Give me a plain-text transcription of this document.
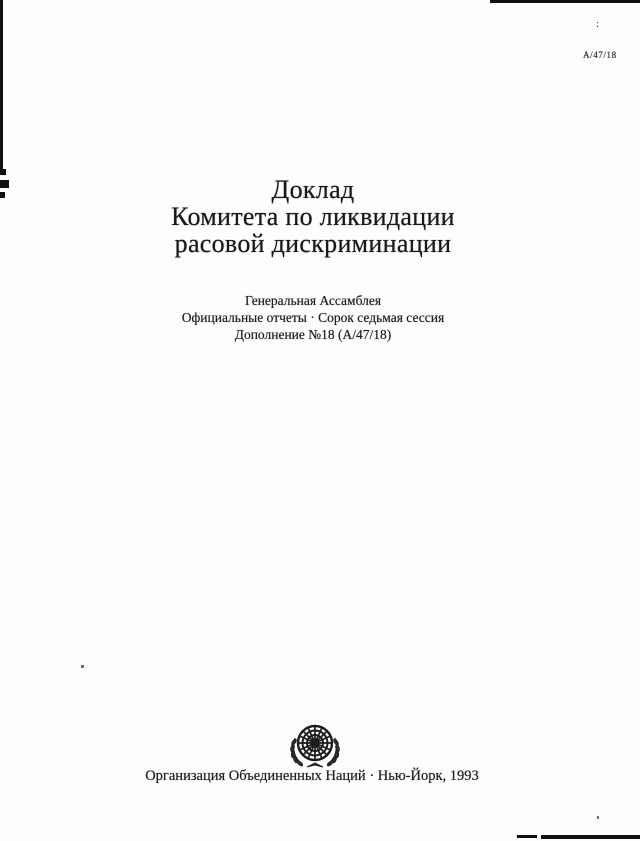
:
A/47/18
Доклад
Комитета по ликвидации
расовой дискриминации
Генеральная Ассамблея
Официальные отчеты · Сорок седьмая сессия
Дополнение №18 (А/47/18)
Организация Объединенных Наций · Нью-Йорк, 1993
